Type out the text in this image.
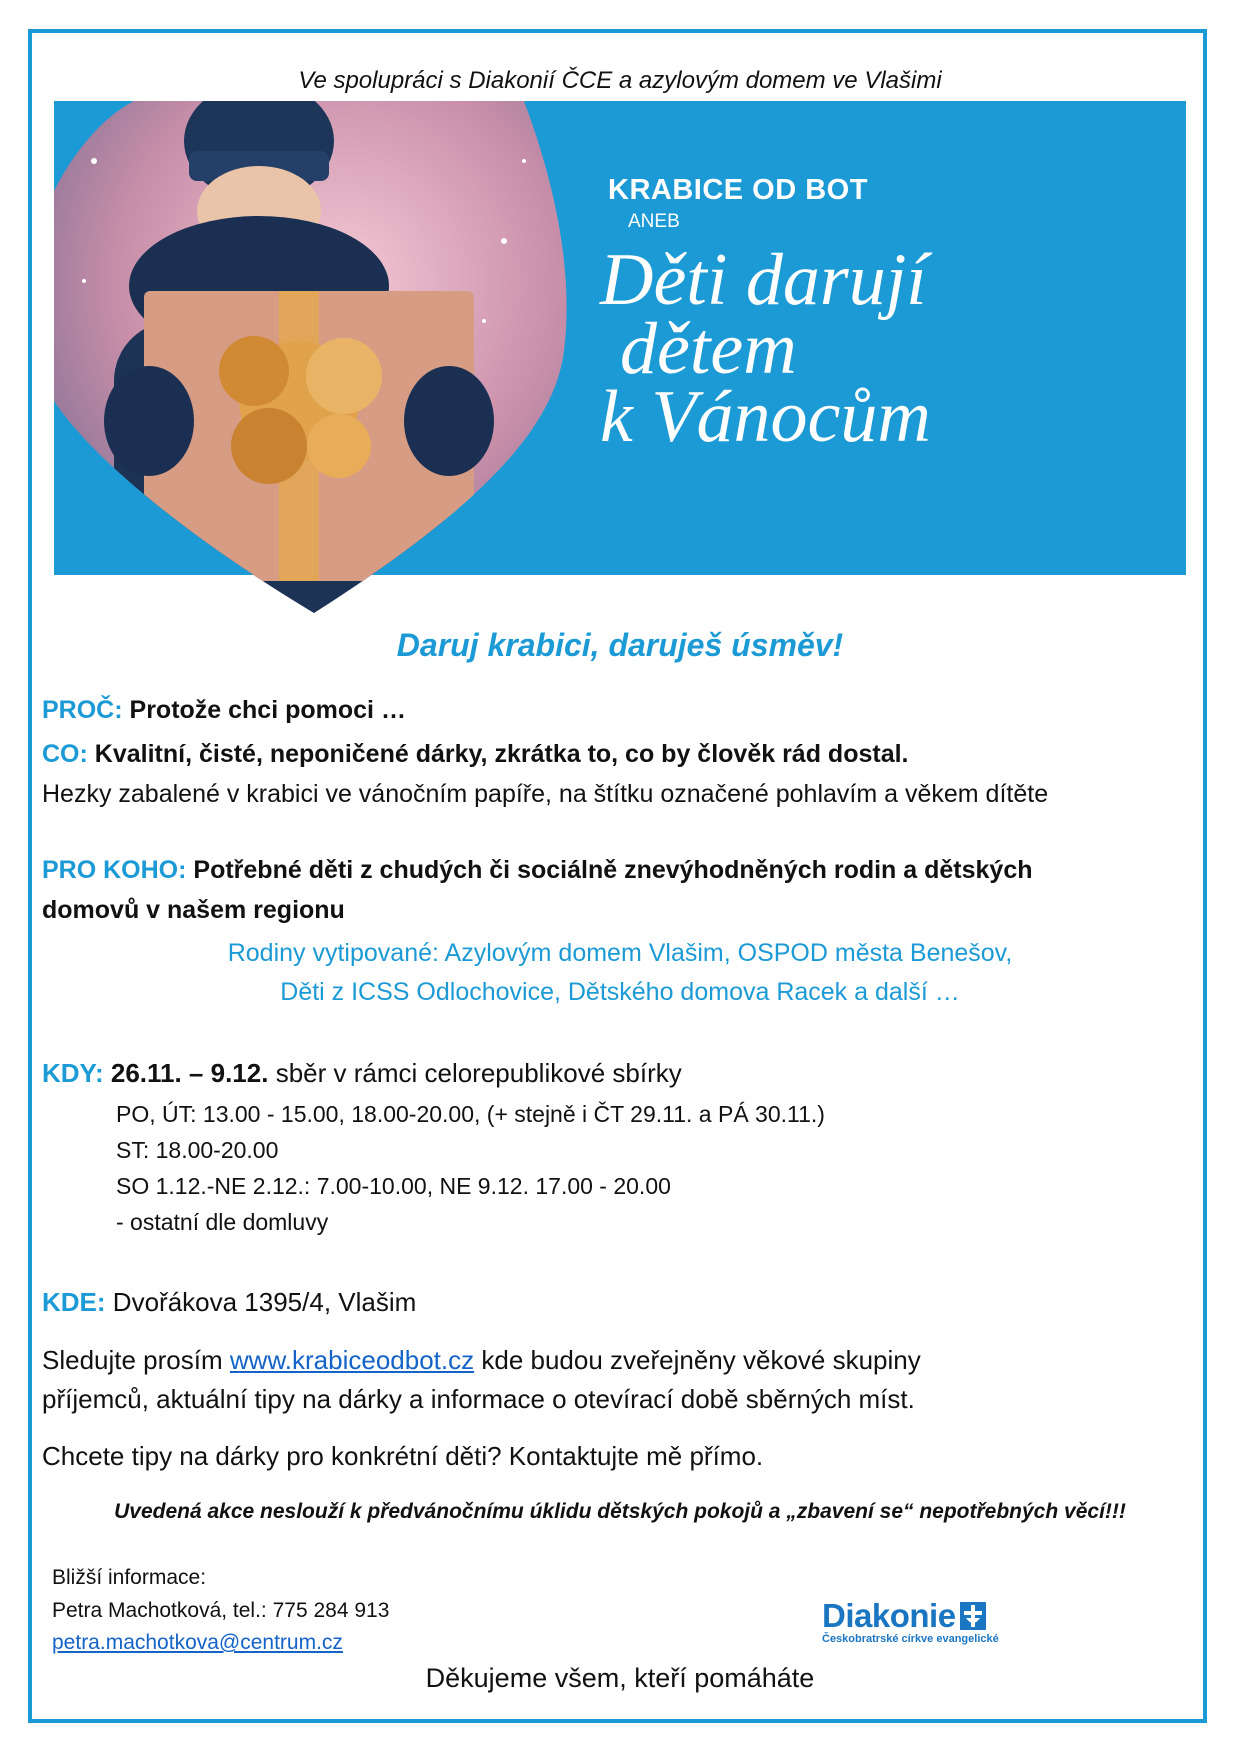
Ve spolupráci s Diakonií ČCE a azylovým domem ve Vlašimi
KRABICE OD BOT
ANEB
Děti darují
dětem
k Vánocům
Daruj krabici, daruješ úsměv!
PROČ: Protože chci pomoci …
CO: Kvalitní, čisté, neponičené dárky, zkrátka to, co by člověk rád dostal.
Hezky zabalené v krabici ve vánočním papíře, na štítku označené pohlavím a věkem dítěte
PRO KOHO: Potřebné děti z chudých či sociálně znevýhodněných rodin a dětských
domovů v našem regionu
Rodiny vytipované: Azylovým domem Vlašim, OSPOD města Benešov,
Děti z ICSS Odlochovice, Dětského domova Racek a další …
KDY: 26.11. – 9.12. sběr v rámci celorepublikové sbírky
PO, ÚT: 13.00 - 15.00, 18.00-20.00, (+ stejně i ČT 29.11. a PÁ 30.11.)
ST: 18.00-20.00
SO 1.12.-NE 2.12.: 7.00-10.00, NE 9.12. 17.00 - 20.00
- ostatní dle domluvy
KDE: Dvořákova 1395/4, Vlašim
Sledujte prosím www.krabiceodbot.cz kde budou zveřejněny věkové skupiny
příjemců, aktuální tipy na dárky a informace o otevírací době sběrných míst.
Chcete tipy na dárky pro konkrétní děti? Kontaktujte mě přímo.
Uvedená akce neslouží k předvánočnímu úklidu dětských pokojů a „zbavení se“ nepotřebných věcí!!!
Bližší informace:
Petra Machotková, tel.: 775 284 913
petra.machotkova@centrum.cz
Diakonie
Českobratrské církve evangelické
Děkujeme všem, kteří pomáháte
